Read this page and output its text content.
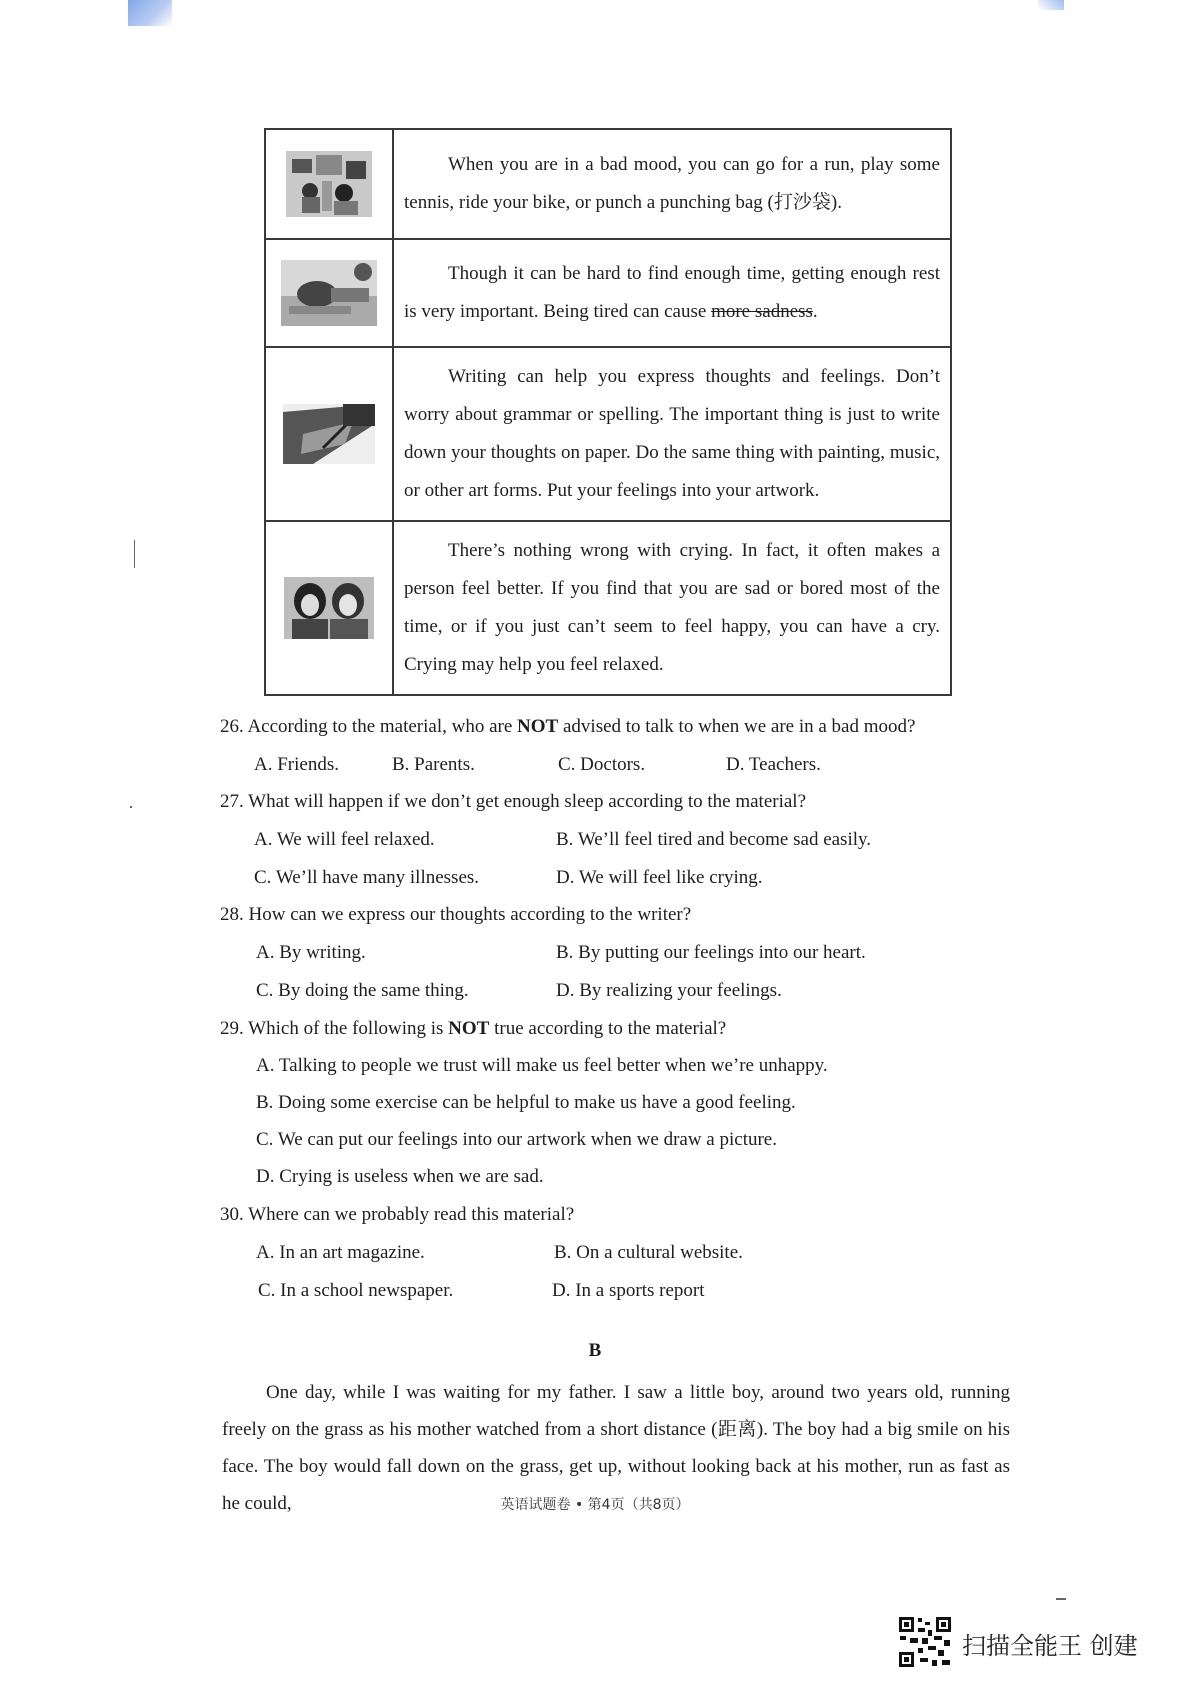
When you are in a bad mood, you can go for a run, play some tennis, ride your bike, or punch a punching bag (打沙袋).

Though it can be hard to find enough time, getting enough rest is very important. Being tired can cause more sadness.

Writing can help you express thoughts and feelings. Don’t worry about grammar or spelling. The important thing is just to write down your thoughts on paper. Do the same thing with painting, music, or other art forms. Put your feelings into your artwork.

There’s nothing wrong with crying. In fact, it often makes a person feel better. If you find that you are sad or bored most of the time, or if you just can’t seem to feel happy, you can have a cry. Crying may help you feel relaxed.
26. According to the material, who are NOT advised to talk to when we are in a bad mood?
A. Friends.	B. Parents.	C. Doctors.	D. Teachers.
27. What will happen if we don’t get enough sleep according to the material?
A. We will feel relaxed.	B. We’ll feel tired and become sad easily.
C. We’ll have many illnesses.	D. We will feel like crying.
28. How can we express our thoughts according to the writer?
A. By writing.	B. By putting our feelings into our heart.
C. By doing the same thing.	D. By realizing your feelings.
29. Which of the following is NOT true according to the material?
A. Talking to people we trust will make us feel better when we’re unhappy.
B. Doing some exercise can be helpful to make us have a good feeling.
C. We can put our feelings into our artwork when we draw a picture.
D. Crying is useless when we are sad.
30. Where can we probably read this material?
A. In an art magazine.	B. On a cultural website.
C. In a school newspaper.	D. In a sports report
B
One day, while I was waiting for my father. I saw a little boy, around two years old, running freely on the grass as his mother watched from a short distance (距离). The boy had a big smile on his face. The boy would fall down on the grass, get up, without looking back at his mother, run as fast as he could,	英语试题卷 • 第4页（共8页）
扫描全能王 创建
